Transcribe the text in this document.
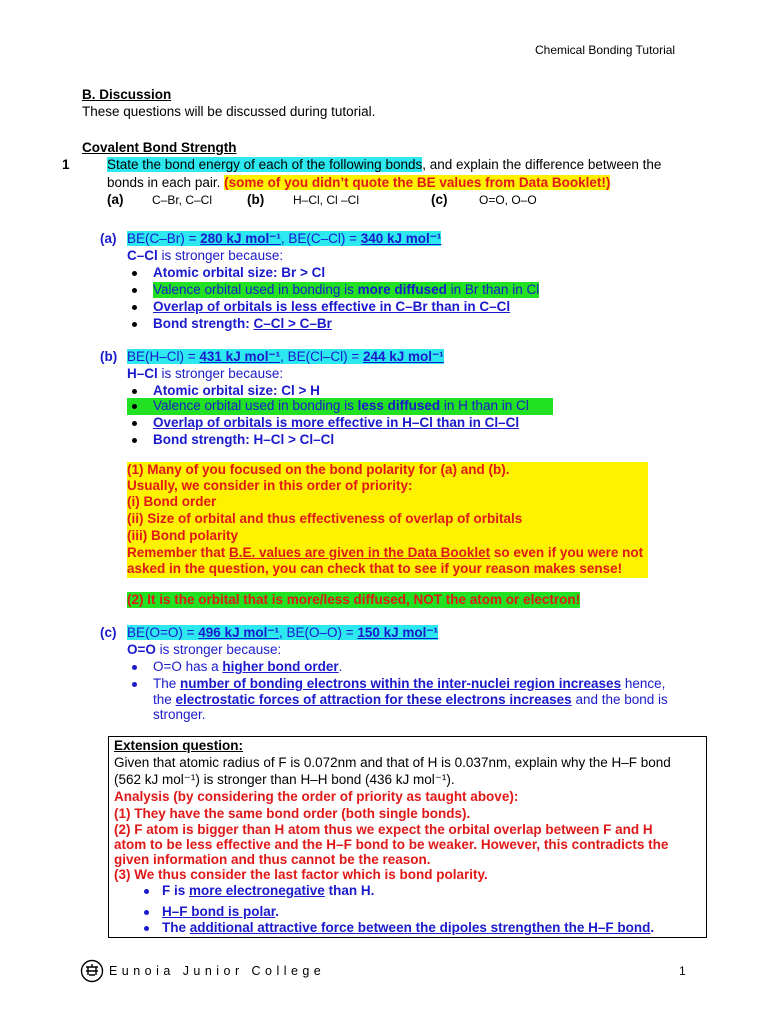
Chemical Bonding Tutorial
B. Discussion
These questions will be discussed during tutorial.
Covalent Bond Strength
1	State the bond energy of each of the following bonds, and explain the difference between the
bonds in each pair. (some of you didn’t quote the BE values from Data Booklet!)
(a) C–Br, C–Cl	(b) H–Cl, Cl –Cl	(c)	O=O, O–O
(a) BE(C–Br) = 280 kJ mol⁻¹, BE(C–Cl) = 340 kJ mol⁻¹
C–Cl is stronger because:
Atomic orbital size: Br > Cl
Valence orbital used in bonding is more diffused in Br than in Cl
Overlap of orbitals is less effective in C–Br than in C–Cl
Bond strength: C–Cl > C–Br
(b) BE(H–Cl) = 431 kJ mol⁻¹, BE(Cl–Cl) = 244 kJ mol⁻¹
H–Cl is stronger because:
Atomic orbital size: Cl > H
Valence orbital used in bonding is less diffused in H than in Cl
Overlap of orbitals is more effective in H–Cl than in Cl–Cl
Bond strength: H–Cl > Cl–Cl
(1) Many of you focused on the bond polarity for (a) and (b).
Usually, we consider in this order of priority:
(i) Bond order
(ii) Size of orbital and thus effectiveness of overlap of orbitals
(iii) Bond polarity
Remember that B.E. values are given in the Data Booklet so even if you were not
asked in the question, you can check that to see if your reason makes sense!
(2) It is the orbital that is more/less diffused, NOT the atom or electron!
(c) BE(O=O) = 496 kJ mol⁻¹, BE(O–O) = 150 kJ mol⁻¹
O=O is stronger because:
O=O has a higher bond order.
The number of bonding electrons within the inter-nuclei region increases hence,
the electrostatic forces of attraction for these electrons increases and the bond is
stronger.
Extension question:
Given that atomic radius of F is 0.072nm and that of H is 0.037nm, explain why the H–F bond
(562 kJ mol⁻¹) is stronger than H–H bond (436 kJ mol⁻¹).
Analysis (by considering the order of priority as taught above):
(1) They have the same bond order (both single bonds).
(2) F atom is bigger than H atom thus we expect the orbital overlap between F and H
atom to be less effective and the H–F bond to be weaker. However, this contradicts the
given information and thus cannot be the reason.
(3) We thus consider the last factor which is bond polarity.
F is more electronegative than H.
H–F bond is polar.
The additional attractive force between the dipoles strengthen the H–F bond.
E u n o i a   J u n i o r   C o l l e g e	1
